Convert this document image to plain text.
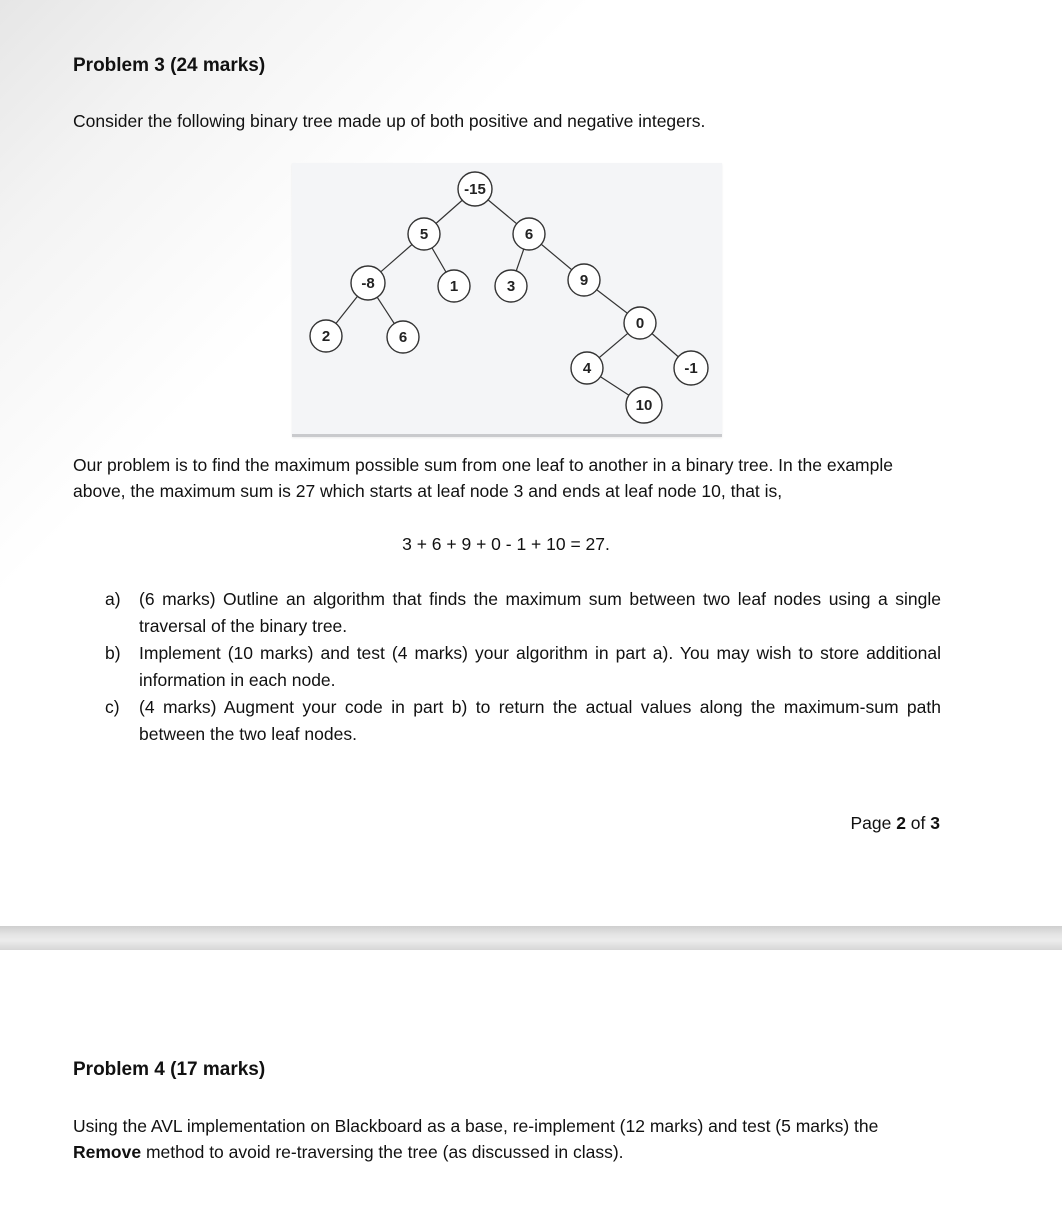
Problem 3 (24 marks)
Consider the following binary tree made up of both positive and negative integers.
-15
5	6
-8	1	3	9
2	6
0
4	-1
10
Our problem is to find the maximum possible sum from one leaf to another in a binary tree. In the example
above, the maximum sum is 27 which starts at leaf node 3 and ends at leaf node 10, that is,
3 + 6 + 9 + 0 - 1 + 10 = 27.
a)	(6 marks) Outline an algorithm that finds the maximum sum between two leaf nodes using a single traversal of the binary tree.
b)	Implement (10 marks) and test (4 marks) your algorithm in part a). You may wish to store additional information in each node.
c)	(4 marks) Augment your code in part b) to return the actual values along the maximum-sum path between the two leaf nodes.
Page 2 of 3
Problem 4 (17 marks)
Using the AVL implementation on Blackboard as a base, re-implement (12 marks) and test (5 marks) the
Remove method to avoid re-traversing the tree (as discussed in class).
